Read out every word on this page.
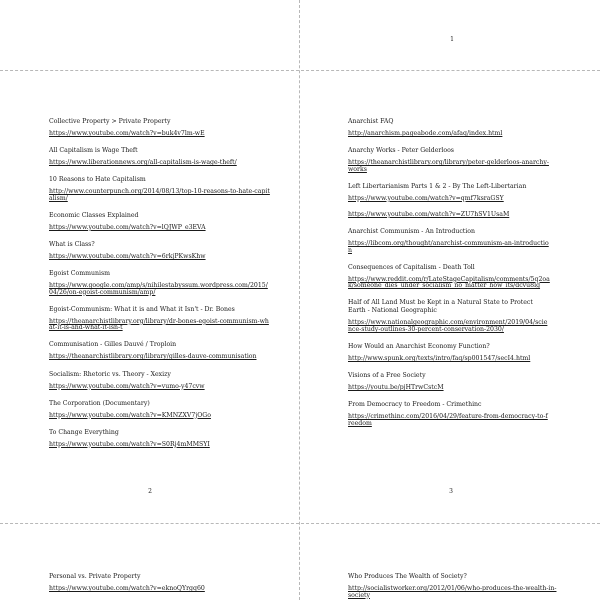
1
2	3
Collective Property > Private Property
https://www.youtube.com/watch?v=buk4v7lm-wE
All Capitalism is Wage Theft
https://www.liberationnews.org/all-capitalism-is-wage-theft/
10 Reasons to Hate Capitalism
http://www.counterpunch.org/2014/08/13/top-10-reasons-to-hate-capitalism/
Economic Classes Explained
https://www.youtube.com/watch?v=lQJWP_e3EVA
What is Class?
https://www.youtube.com/watch?v=6rkjPKwsKhw
Egoist Communism
https://www.google.com/amp/s/nihilestabyssum.wordpress.com/2015/04/26/on-egoist-communism/amp/
Egoist-Communism: What it is and What it Isn't - Dr. Bones
https://theanarchistlibrary.org/library/dr-bones-egoist-communism-what-it-is-and-what-it-isn-t
Communisation - Gilles Dauvé / Troploin
https://theanarchistlibrary.org/library/gilles-dauve-communisation
Socialism: Rhetoric vs. Theory - Xexizy
https://www.youtube.com/watch?v=vumo-y47cvw
The Corporation (Documentary)
https://www.youtube.com/watch?v=KMNZXV7jOGo
To Change Everything
https://www.youtube.com/watch?v=S0Rj4mMMSYI
Anarchist FAQ
http://anarchism.pageabode.com/afaq/index.html
Anarchy Works - Peter Gelderloos
https://theanarchistlibrary.org/library/peter-gelderloos-anarchy-works
Left Libertarianism Parts 1 & 2 - By The Left-Libertarian
https://www.youtube.com/watch?v=qmf7ksraGSY
https://www.youtube.com/watch?v=ZU7hSV1UsaM
Anarchist Communism - An Introduction
https://libcom.org/thought/anarchist-communism-an-introduction
Consequences of Capitalism - Death Toll
https://www.reddit.com/r/LateStageCapitalism/comments/5q2oak/someone_dies_under_socialism_no_matter_how_its/dcvu8lg
Half of All Land Must be Kept in a Natural State to Protect Earth - National Geographic
https://www.nationalgeographic.com/environment/2019/04/science-study-outlines-30-percent-conservation-2030/
How Would an Anarchist Economy Function?
http://www.spunk.org/texts/intro/faq/sp001547/secI4.html
Visions of a Free Society
https://youtu.be/pjHTrwCstcM
From Democracy to Freedom - Crimethinc
https://crimethinc.com/2016/04/29/feature-from-democracy-to-freedom
Personal vs. Private Property
https://www.youtube.com/watch?v=eknoQYrgq60
Who Produces The Wealth of Society?
http://socialistworker.org/2012/01/06/who-produces-the-wealth-in-society
